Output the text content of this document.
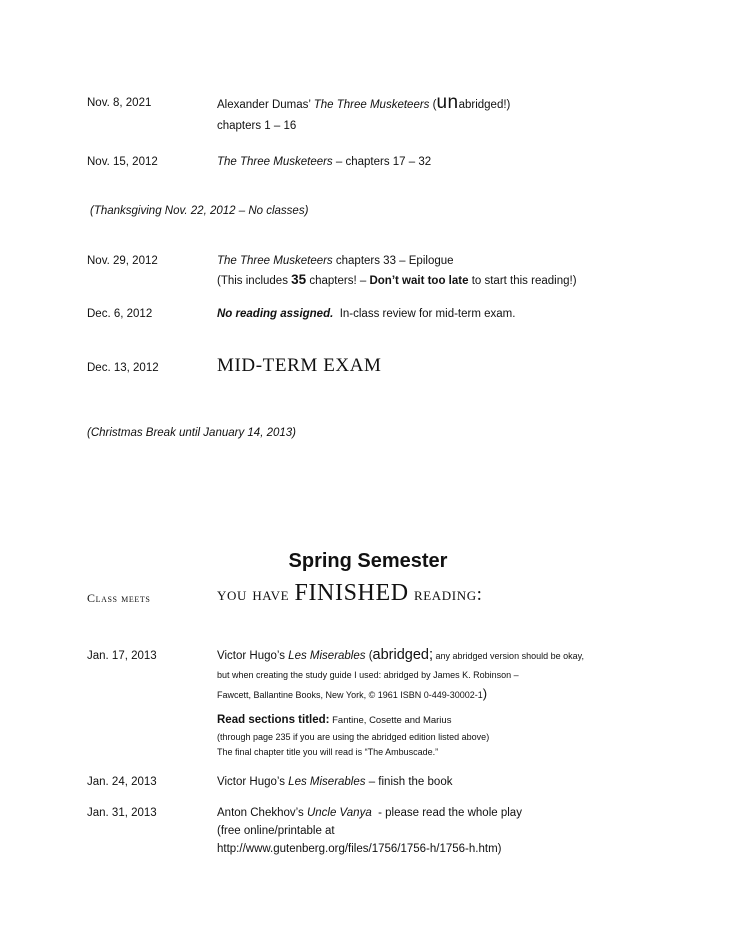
Nov. 8, 2021	Alexander Dumas’ The Three Musketeers (unabridged!)
chapters 1 – 16
Nov. 15, 2012	The Three Musketeers – chapters 17 – 32
(Thanksgiving Nov. 22, 2012 – No classes)
Nov. 29, 2012	The Three Musketeers chapters 33 – Epilogue
(This includes 35 chapters! – Don’t wait too late to start this reading!)
Dec. 6, 2012	No reading assigned.  In-class review for mid-term exam.
Dec. 13, 2012	MID-TERM EXAM
(Christmas Break until January 14, 2013)
Spring Semester
Class meets	you have FINISHED reading:
Jan. 17, 2013	Victor Hugo’s Les Miserables (abridged; any abridged version should be okay,
but when creating the study guide I used: abridged by James K. Robinson –
Fawcett, Ballantine Books, New York, © 1961 ISBN 0-449-30002-1)
Read sections titled: Fantine, Cosette and Marius
(through page 235 if you are using the abridged edition listed above)
The final chapter title you will read is “The Ambuscade.”
Jan. 24, 2013	Victor Hugo’s Les Miserables – finish the book
Jan. 31, 2013	Anton Chekhov’s Uncle Vanya  - please read the whole play
(free online/printable at
http://www.gutenberg.org/files/1756/1756-h/1756-h.htm)
